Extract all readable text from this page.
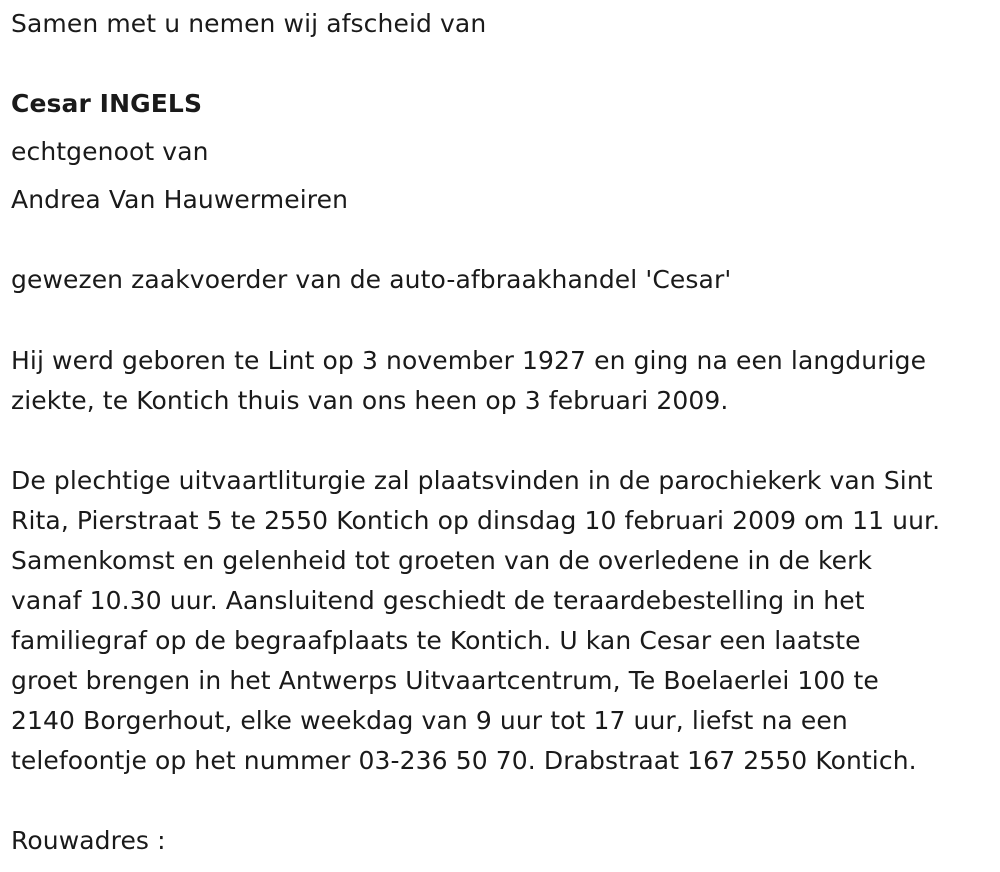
Samen met u nemen wij afscheid van
Cesar INGELS
echtgenoot van
Andrea Van Hauwermeiren
gewezen zaakvoerder van de auto-afbraakhandel 'Cesar'
Hij werd geboren te Lint op 3 november 1927 en ging na een langdurige
ziekte, te Kontich thuis van ons heen op 3 februari 2009.
De plechtige uitvaartliturgie zal plaatsvinden in de parochiekerk van Sint
Rita, Pierstraat 5 te 2550 Kontich op dinsdag 10 februari 2009 om 11 uur.
Samenkomst en gelenheid tot groeten van de overledene in de kerk
vanaf 10.30 uur. Aansluitend geschiedt de teraardebestelling in het
familiegraf op de begraafplaats te Kontich. U kan Cesar een laatste
groet brengen in het Antwerps Uitvaartcentrum, Te Boelaerlei 100 te
2140 Borgerhout, elke weekdag van 9 uur tot 17 uur, liefst na een
telefoontje op het nummer 03-236 50 70. Drabstraat 167 2550 Kontich.
Rouwadres :
